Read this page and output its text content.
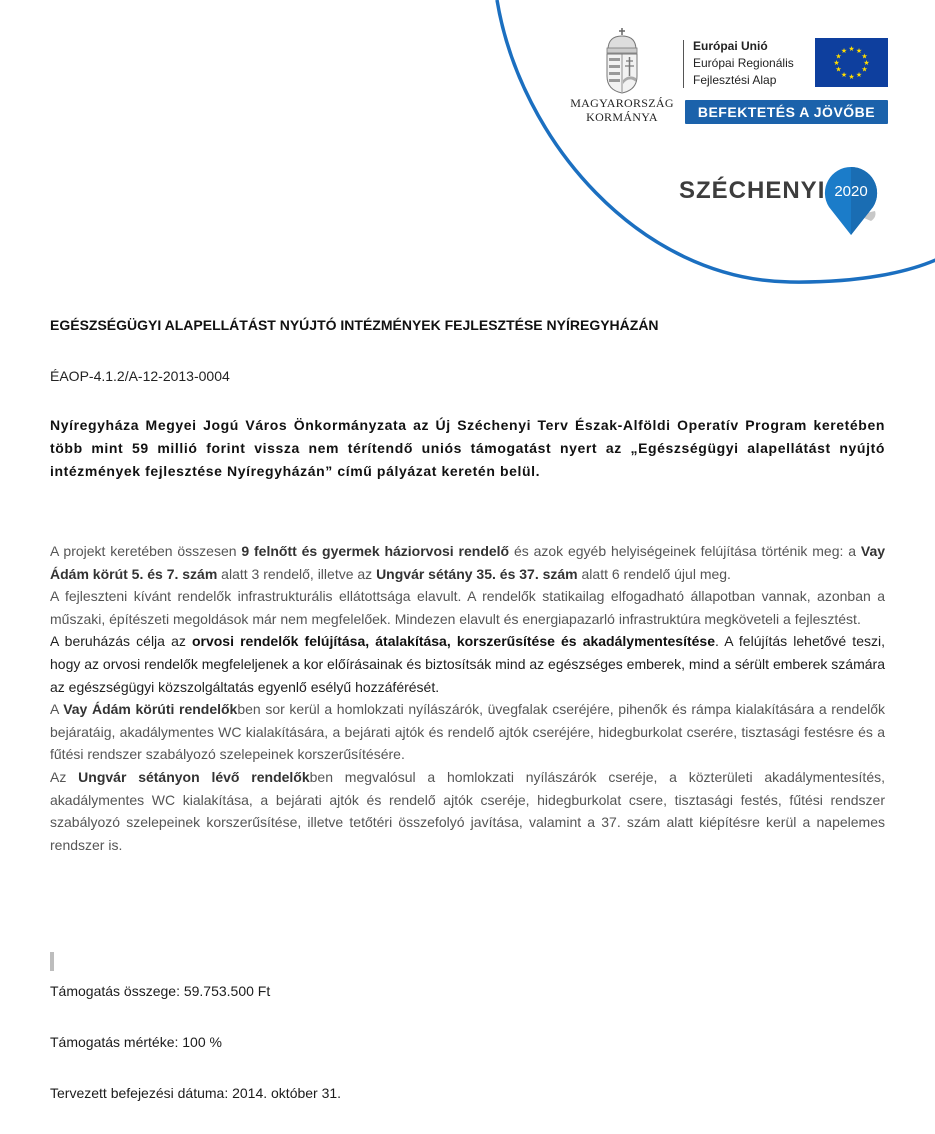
MAGYARORSZÁG
KORMÁNYA
Európai Unió
Európai Regionális
Fejlesztési Alap
★ ★
★
★
★
★
★
★
★
★
★
★
BEFEKTETÉS A JÖVŐBE
SZÉCHENYI 2020
EGÉSZSÉGÜGYI ALAPELLÁTÁST NYÚJTÓ INTÉZMÉNYEK FEJLESZTÉSE NYÍREGYHÁZÁN
ÉAOP-4.1.2/A-12-2013-0004

Nyíregyháza Megyei Jogú Város Önkormányzata az Új Széchenyi Terv Észak-Alföldi Operatív Program keretében több mint 59 millió forint vissza nem térítendő uniós támogatást nyert az „Egészségügyi alapellátást nyújtó intézmények fejlesztése Nyíregyházán” című pályázat keretén belül.

A projekt keretében összesen 9 felnőtt és gyermek háziorvosi rendelő és azok egyéb helyiségeinek felújítása történik meg: a Vay Ádám körút 5. és 7. szám alatt 3 rendelő, illetve az Ungvár sétány 35. és 37. szám alatt 6 rendelő újul meg.

A fejleszteni kívánt rendelők infrastrukturális ellátottsága elavult. A rendelők statikailag elfogadható állapotban vannak, azonban a műszaki, építészeti megoldások már nem megfelelőek. Mindezen elavult és energiapazarló infrastruktúra megköveteli a fejlesztést.

A beruházás célja az orvosi rendelők felújítása, átalakítása, korszerűsítése és akadálymentesítése. A felújítás lehetővé teszi, hogy az orvosi rendelők megfeleljenek a kor előírásainak és biztosítsák mind az egészséges emberek, mind a sérült emberek számára az egészségügyi közszolgáltatás egyenlő esélyű hozzáférését.

A Vay Ádám körúti rendelőkben sor kerül a homlokzati nyílászárók, üvegfalak cseréjére, pihenők és rámpa kialakítására a rendelők bejáratáig, akadálymentes WC kialakítására, a bejárati ajtók és rendelő ajtók cseréjére, hidegburkolat cserére, tisztasági festésre és a fűtési rendszer szabályozó szelepeinek korszerűsítésére.

Az Ungvár sétányon lévő rendelőkben megvalósul a homlokzati nyílászárók cseréje, a közterületi akadálymentesítés, akadálymentes WC kialakítása, a bejárati ajtók és rendelő ajtók cseréje, hidegburkolat csere, tisztasági festés, fűtési rendszer szabályozó szelepeinek korszerűsítése, illetve tetőtéri összefolyó javítása, valamint a 37. szám alatt kiépítésre kerül a napelemes rendszer is.

Támogatás összege: 59.753.500 Ft
Támogatás mértéke: 100 %
Tervezett befejezési dátuma: 2014. október 31.
